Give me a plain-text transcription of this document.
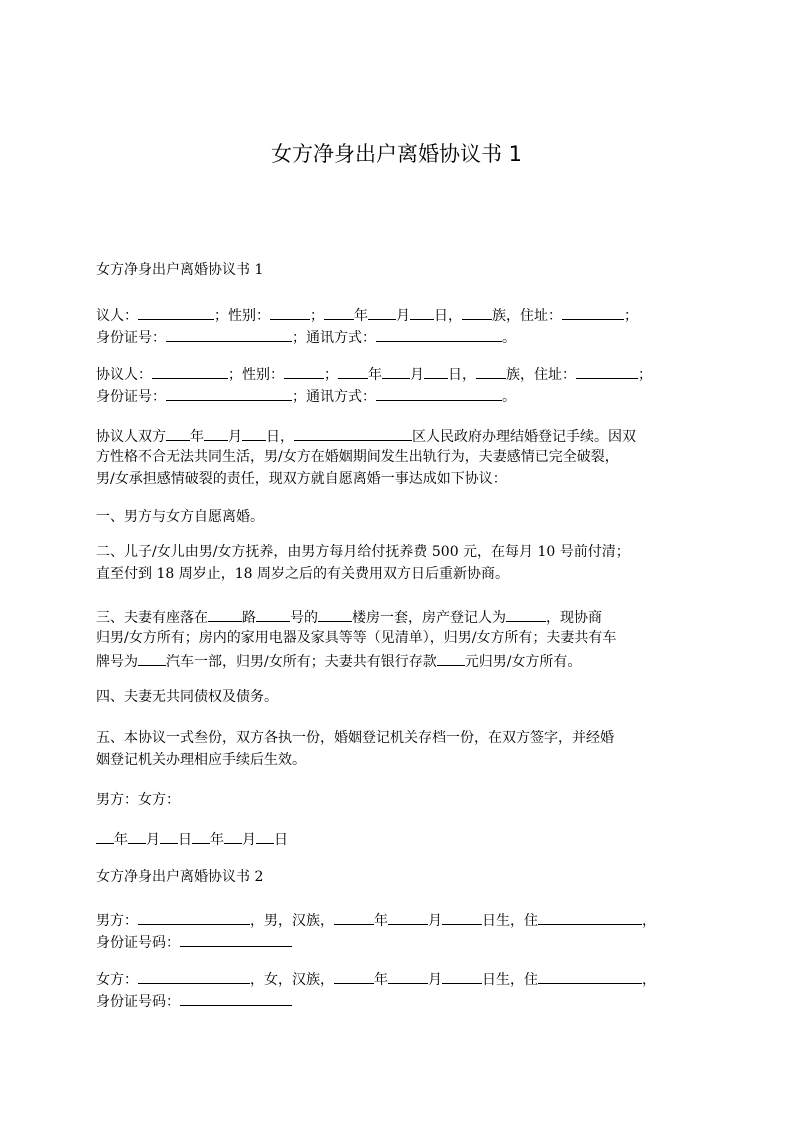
女方净身出户离婚协议书 1

女方净身出户离婚协议书 1

议人：	；性别：	； 年 月 日， 族，住址：	；
身份证号：	；通讯方式：	。
协议人：	；性别：	； 年 月 日， 族，住址：	；
身份证号：	；通讯方式：	。
协议人双方 年 月 日，	区人民政府办理结婚登记手续。因双
方性格不合无法共同生活，男/女方在婚姻期间发生出轨行为，夫妻感情已完全破裂，
男/女承担感情破裂的责任，现双方就自愿离婚一事达成如下协议：

一、男方与女方自愿离婚。

二、儿子/女儿由男/女方抚养，由男方每月给付抚养费 500 元，在每月 10 号前付清；
直至付到 18 周岁止，18 周岁之后的有关费用双方日后重新协商。
三、夫妻有座落在 路 号的 楼房一套，房产登记人为	，现协商
归男/女方所有；房内的家用电器及家具等等（见清单），归男/女方所有；夫妻共有车
牌号为 汽车一部，归男/女所有；夫妻共有银行存款 元归男/女方所有。

四、夫妻无共同债权及债务。

五、本协议一式叁份，双方各执一份，婚姻登记机关存档一份，在双方签字，并经婚
姻登记机关办理相应手续后生效。

男方：女方：

年 月 日 年 月 日

女方净身出户离婚协议书 2

男方：	，男，汉族，	年	月	日生，住	，
身份证号码：
女方：	，女，汉族，	年	月	日生，住	，
身份证号码：
